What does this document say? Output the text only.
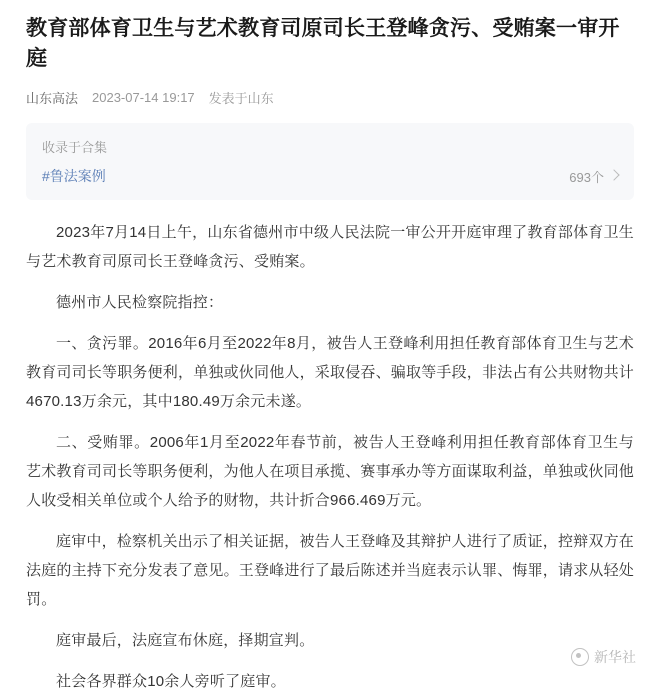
教育部体育卫生与艺术教育司原司长王登峰贪污、受贿案一审开庭
山东高法 2023-07-14 19:17 发表于山东
收录于合集
#鲁法案例	693个

2023年7月14日上午，山东省德州市中级人民法院一审公开开庭审理了教育部体育卫生与艺术教育司原司长王登峰贪污、受贿案。

德州市人民检察院指控：

一、贪污罪。2016年6月至2022年8月，被告人王登峰利用担任教育部体育卫生与艺术教育司司长等职务便利，单独或伙同他人，采取侵吞、骗取等手段，非法占有公共财物共计4670.13万余元，其中180.49万余元未遂。

二、受贿罪。2006年1月至2022年春节前，被告人王登峰利用担任教育部体育卫生与艺术教育司司长等职务便利，为他人在项目承揽、赛事承办等方面谋取利益，单独或伙同他人收受相关单位或个人给予的财物，共计折合966.469万元。

庭审中，检察机关出示了相关证据，被告人王登峰及其辩护人进行了质证，控辩双方在法庭的主持下充分发表了意见。王登峰进行了最后陈述并当庭表示认罪、悔罪，请求从轻处罚。

庭审最后，法庭宣布休庭，择期宣判。

社会各界群众10余人旁听了庭审。

新华社
